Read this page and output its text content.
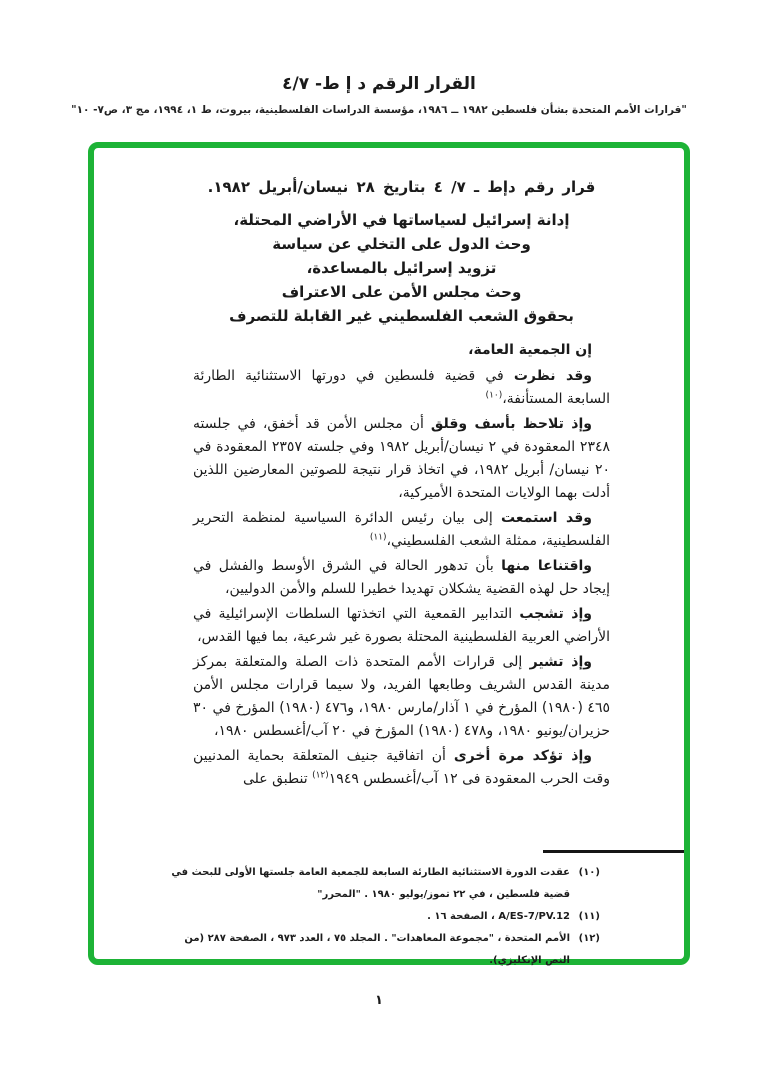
القرار الرقم د إ ط- ٤/٧
"قرارات الأمم المتحدة بشأن فلسطين ١٩٨٢ ــ ١٩٨٦، مؤسسة الدراسات الفلسطينية، بيروت، ط ١، ١٩٩٤، مج ٣، ص٧- ١٠"
قرار رقم دإط ـ ٧/ ٤ بتاريخ ٢٨ نيسان/أبريل ١٩٨٢.
إدانة إسرائيل لسياساتها في الأراضي المحتلة،
وحث الدول على التخلي عن سياسة
تزويد إسرائيل بالمساعدة،
وحث مجلس الأمن على الاعتراف
بحقوق الشعب الفلسطيني غير القابلة للتصرف
إن الجمعية العامة،

وقد نظرت في قضية فلسطين في دورتها الاستثنائية الطارئة السابعة المستأنفة،$^{(١٠)}$

وإذ تلاحظ بأسف وقلق أن مجلس الأمن قد أخفق، في جلسته ٢٣٤٨ المعقودة في ٢ نيسان/أبريل ١٩٨٢ وفي جلسته ٢٣٥٧ المعقودة في ٢٠ نيسان/ أبريل ١٩٨٢، في اتخاذ قرار نتيجة للصوتين المعارضين اللذين أدلت بهما الولايات المتحدة الأميركية،

وقد استمعت إلى بيان رئيس الدائرة السياسية لمنظمة التحرير الفلسطينية، ممثلة الشعب الفلسطيني،$^{(١١)}$

واقتناعا منها بأن تدهور الحالة في الشرق الأوسط والفشل في إيجاد حل لهذه القضية يشكلان تهديدا خطيرا للسلم والأمن الدوليين،

وإذ تشجب التدابير القمعية التي اتخذتها السلطات الإسرائيلية في الأراضي العربية الفلسطينية المحتلة بصورة غير شرعية، بما فيها القدس،

وإذ تشير إلى قرارات الأمم المتحدة ذات الصلة والمتعلقة بمركز مدينة القدس الشريف وطابعها الفريد، ولا سيما قرارات مجلس الأمن ٤٦٥ (١٩٨٠) المؤرخ في ١ آذار/مارس ١٩٨٠، و٤٧٦ (١٩٨٠) المؤرخ في ٣٠ حزيران/يونيو ١٩٨٠، و٤٧٨ (١٩٨٠) المؤرخ في ٢٠ آب/أغسطس ١٩٨٠،

وإذ تؤكد مرة أخرى أن اتفاقية جنيف المتعلقة بحماية المدنيين وقت الحرب المعقودة فى ١٢ آب/أغسطس ١٩٤٩$^{(١٢)}$ تنطبق على

(١٠)
عقدت الدورة الاستثنائية الطارئة السابعة للجمعية العامة جلستها الأولى للبحث في قضية فلسطين ، في ٢٢ تموز/يوليو ١٩٨٠ . "المحرر"
(١١)
A/ES-7/PV.12 ، الصفحة ١٦ .
(١٢)
الأمم المتحدة ، "مجموعة المعاهدات" . المجلد ٧٥ ، العدد ٩٧٣ ، الصفحة ٢٨٧ (من النص الإنكليزي).
١
